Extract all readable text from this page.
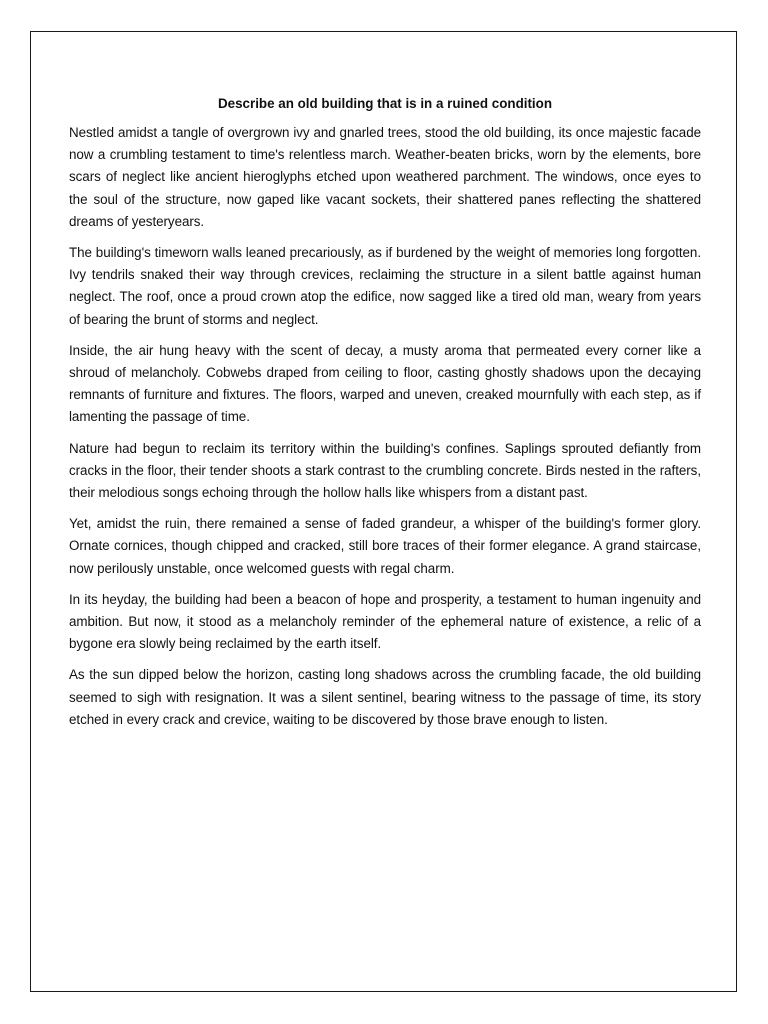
Describe an old building that is in a ruined condition

Nestled amidst a tangle of overgrown ivy and gnarled trees, stood the old building, its once majestic facade now a crumbling testament to time's relentless march. Weather-beaten bricks, worn by the elements, bore scars of neglect like ancient hieroglyphs etched upon weathered parchment. The windows, once eyes to the soul of the structure, now gaped like vacant sockets, their shattered panes reflecting the shattered dreams of yesteryears.

The building's timeworn walls leaned precariously, as if burdened by the weight of memories long forgotten. Ivy tendrils snaked their way through crevices, reclaiming the structure in a silent battle against human neglect. The roof, once a proud crown atop the edifice, now sagged like a tired old man, weary from years of bearing the brunt of storms and neglect.

Inside, the air hung heavy with the scent of decay, a musty aroma that permeated every corner like a shroud of melancholy. Cobwebs draped from ceiling to floor, casting ghostly shadows upon the decaying remnants of furniture and fixtures. The floors, warped and uneven, creaked mournfully with each step, as if lamenting the passage of time.

Nature had begun to reclaim its territory within the building's confines. Saplings sprouted defiantly from cracks in the floor, their tender shoots a stark contrast to the crumbling concrete. Birds nested in the rafters, their melodious songs echoing through the hollow halls like whispers from a distant past.

Yet, amidst the ruin, there remained a sense of faded grandeur, a whisper of the building's former glory. Ornate cornices, though chipped and cracked, still bore traces of their former elegance. A grand staircase, now perilously unstable, once welcomed guests with regal charm.

In its heyday, the building had been a beacon of hope and prosperity, a testament to human ingenuity and ambition. But now, it stood as a melancholy reminder of the ephemeral nature of existence, a relic of a bygone era slowly being reclaimed by the earth itself.

As the sun dipped below the horizon, casting long shadows across the crumbling facade, the old building seemed to sigh with resignation. It was a silent sentinel, bearing witness to the passage of time, its story etched in every crack and crevice, waiting to be discovered by those brave enough to listen.
